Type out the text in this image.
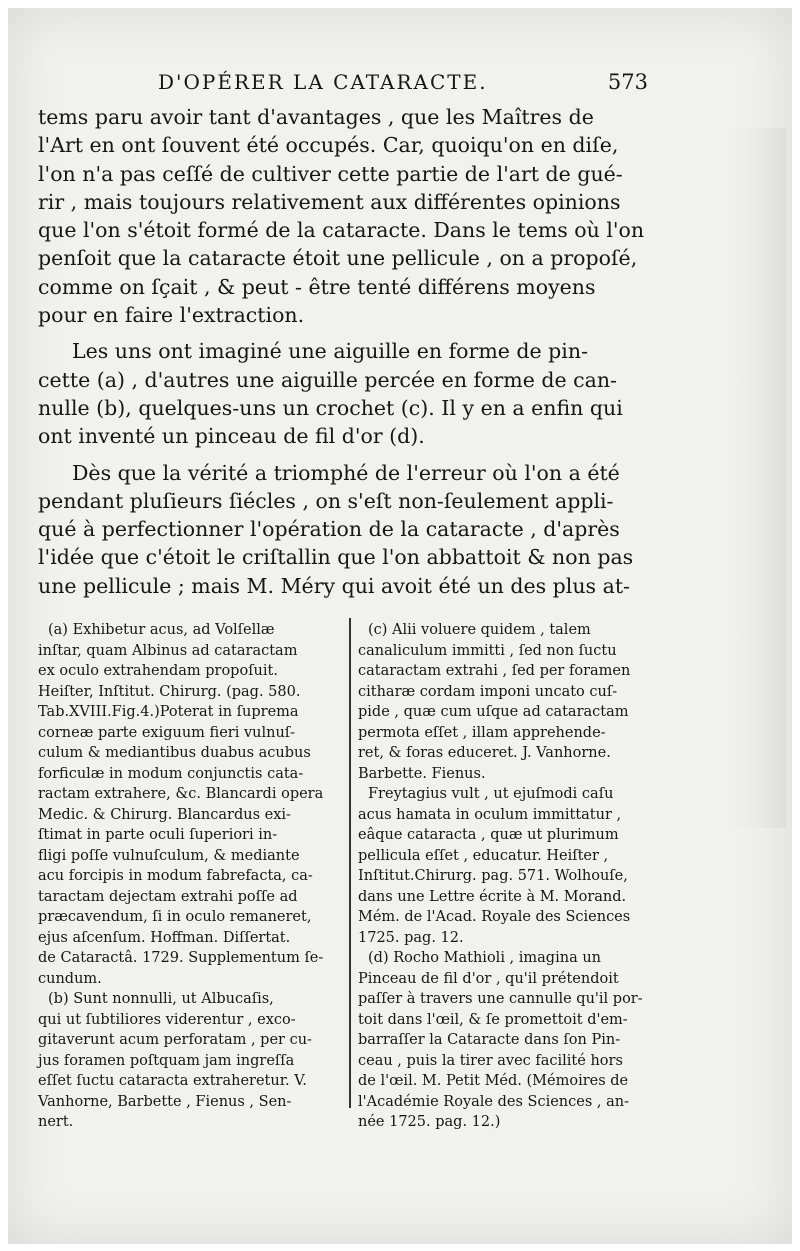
D'OPÉRER LA CATARACTE.	573
tems paru avoir tant d'avantages , que les Maîtres de
l'Art en ont ſouvent été occupés. Car, quoiqu'on en diſe,
l'on n'a pas ceſſé de cultiver cette partie de l'art de gué-
rir , mais toujours relativement aux différentes opinions
que l'on s'étoit formé de la cataracte. Dans le tems où l'on
penſoit que la cataracte étoit une pellicule , on a propoſé,
comme on ſçait , & peut - être tenté différens moyens
pour en faire l'extraction.
Les uns ont imaginé une aiguille en forme de pin-
cette (a) , d'autres une aiguille percée en forme de can-
nulle (b), quelques-uns un crochet (c). Il y en a enfin qui
ont inventé un pinceau de fil d'or (d).
Dès que la vérité a triomphé de l'erreur où l'on a été
pendant pluſieurs ſiécles , on s'eſt non-ſeulement appli-
qué à perfectionner l'opération de la cataracte , d'après
l'idée que c'étoit le criſtallin que l'on abbattoit & non pas
une pellicule ; mais M. Méry qui avoit été un des plus at-
(a) Exhibetur acus, ad Volſellæ
inſtar, quam Albinus ad cataractam
ex oculo extrahendam propoſuit.
Heiſter, Inſtitut. Chirurg. (pag. 580.
Tab.XVIII.Fig.4.)Poterat in ſuprema
corneæ parte exiguum fieri vulnuſ-
culum & mediantibus duabus acubus
forficulæ in modum conjunctis cata-
ractam extrahere, &c. Blancardi opera
Medic. & Chirurg. Blancardus exi-
ſtimat in parte oculi ſuperiori in-
fligi poſſe vulnuſculum, & mediante
acu forcipis in modum fabrefacta, ca-
taractam dejectam extrahi poſſe ad
præcavendum, ſi in oculo remaneret,
ejus aſcenſum. Hoffman. Diſſertat.
de Cataractâ. 1729. Supplementum ſe-
cundum.
(b) Sunt nonnulli, ut Albucaſis,
qui ut ſubtiliores viderentur , exco-
gitaverunt acum perforatam , per cu-
jus foramen poſtquam jam ingreſſa
eſſet ſuctu cataracta extraheretur. V.
Vanhorne, Barbette , Fienus , Sen-
nert.
(c) Alii voluere quidem , talem
canaliculum immitti , ſed non ſuctu
cataractam extrahi , ſed per foramen
citharæ cordam imponi uncato cuſ-
pide , quæ cum uſque ad cataractam
permota eſſet , illam apprehende-
ret, & foras educeret. J. Vanhorne.
Barbette. Fienus.
Freytagius vult , ut ejuſmodi caſu
acus hamata in oculum immittatur ,
eâque cataracta , quæ ut plurimum
pellicula eſſet , educatur. Heiſter ,
Inſtitut.Chirurg. pag. 571. Wolhouſe,
dans une Lettre écrite à M. Morand.
Mém. de l'Acad. Royale des Sciences
1725. pag. 12.
(d) Rocho Mathioli , imagina un
Pinceau de fil d'or , qu'il prétendoit
paſſer à travers une cannulle qu'il por-
toit dans l'œil, & ſe promettoit d'em-
barraſſer la Cataracte dans ſon Pin-
ceau , puis la tirer avec facilité hors
de l'œil. M. Petit Méd. (Mémoires de
l'Académie Royale des Sciences , an-
née 1725. pag. 12.)
